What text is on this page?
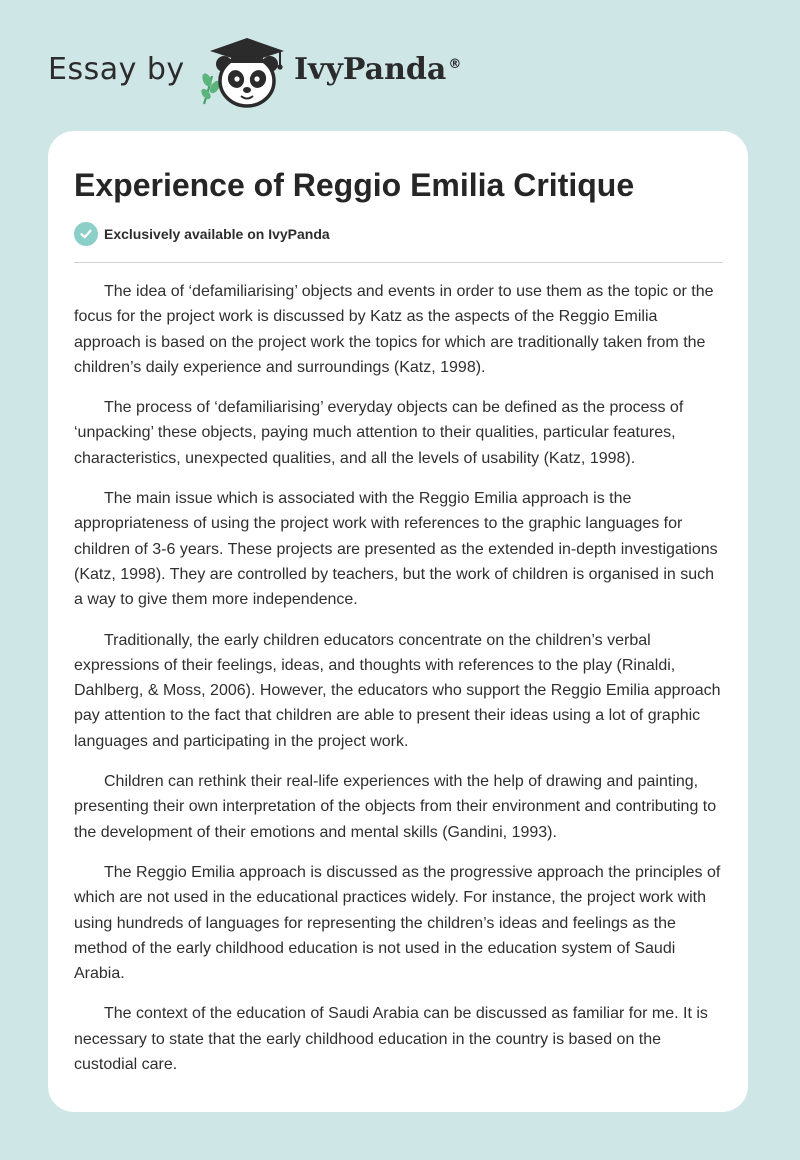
Essay by	IvyPanda ®
Experience of Reggio Emilia Critique
Exclusively available on IvyPanda

The idea of ‘defamiliarising’ objects and events in order to use them as the topic or the focus for the project work is discussed by Katz as the aspects of the Reggio Emilia approach is based on the project work the topics for which are traditionally taken from the children’s daily experience and surroundings (Katz, 1998).

The process of ‘defamiliarising’ everyday objects can be defined as the process of ‘unpacking’ these objects, paying much attention to their qualities, particular features, characteristics, unexpected qualities, and all the levels of usability (Katz, 1998).

The main issue which is associated with the Reggio Emilia approach is the appropriateness of using the project work with references to the graphic languages for children of 3-6 years. These projects are presented as the extended in-depth investigations (Katz, 1998). They are controlled by teachers, but the work of children is organised in such a way to give them more independence.

Traditionally, the early children educators concentrate on the children’s verbal expressions of their feelings, ideas, and thoughts with references to the play (Rinaldi, Dahlberg, & Moss, 2006). However, the educators who support the Reggio Emilia approach pay attention to the fact that children are able to present their ideas using a lot of graphic languages and participating in the project work.

Children can rethink their real-life experiences with the help of drawing and painting, presenting their own interpretation of the objects from their environment and contributing to the development of their emotions and mental skills (Gandini, 1993).

The Reggio Emilia approach is discussed as the progressive approach the principles of which are not used in the educational practices widely. For instance, the project work with using hundreds of languages for representing the children’s ideas and feelings as the method of the early childhood education is not used in the education system of Saudi Arabia.

The context of the education of Saudi Arabia can be discussed as familiar for me. It is necessary to state that the early childhood education in the country is based on the custodial care.
